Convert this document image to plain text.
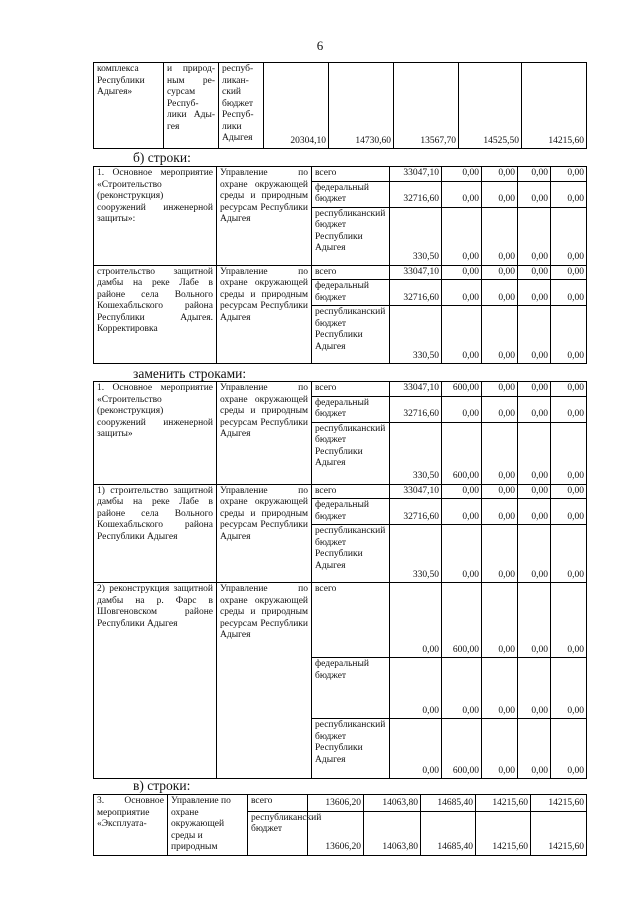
6
комплекса Республики Адыгея»	и природ-ным ре-сурсам Респуб-лики Ады-гея	респуб-ликан-ский бюджет Респуб-лики Адыгея	20304,10	14730,60	13567,70	14525,50	14215,60
б) строки:
1. Основное мероприятие «Строительство (реконструкция) сооружений инженерной защиты»:	Управление по охране окружающей среды и природным ресурсам Республики Адыгея	всего	33047,10	0,00	0,00	0,00	0,00
		федеральный бюджет	32716,60	0,00	0,00	0,00	0,00
		республиканский бюджет Республики Адыгея	330,50	0,00	0,00	0,00	0,00
строительство защитной дамбы на реке Лабе в районе села Вольного Кошехабльского района Республики Адыгея. Корректировка	Управление по охране окружающей среды и природным ресурсам Республики Адыгея	всего	33047,10	0,00	0,00	0,00	0,00
		федеральный бюджет	32716,60	0,00	0,00	0,00	0,00
		республиканский бюджет Республики Адыгея	330,50	0,00	0,00	0,00	0,00
заменить строками:
1. Основное мероприятие «Строительство (реконструкция) сооружений инженерной защиты»	Управление по охране окружающей среды и природным ресурсам Республики Адыгея	всего	33047,10	600,00	0,00	0,00	0,00
		федеральный бюджет	32716,60	0,00	0,00	0,00	0,00
		республиканский бюджет Республики Адыгея	330,50	600,00	0,00	0,00	0,00
1) строительство защитной дамбы на реке Лабе в районе села Вольного Кошехабльского района Республики Адыгея	Управление по охране окружающей среды и природным ресурсам Республики Адыгея	всего	33047,10	0,00	0,00	0,00	0,00
		федеральный бюджет	32716,60	0,00	0,00	0,00	0,00
		республиканский бюджет Республики Адыгея	330,50	0,00	0,00	0,00	0,00
2) реконструкция защитной дамбы на р. Фарс в Шовгеновском районе Республики Адыгея	Управление по охране окружающей среды и природным ресурсам Республики Адыгея	всего	0,00	600,00	0,00	0,00	0,00
		федеральный бюджет	0,00	0,00	0,00	0,00	0,00
		республиканский бюджет Республики Адыгея	0,00	600,00	0,00	0,00	0,00
в) строки:
3. Основное мероприятие «Эксплуата-	Управление по охране окружающей среды и природным	всего	13606,20	14063,80	14685,40	14215,60	14215,60
		республиканский бюджет	13606,20	14063,80	14685,40	14215,60	14215,60
